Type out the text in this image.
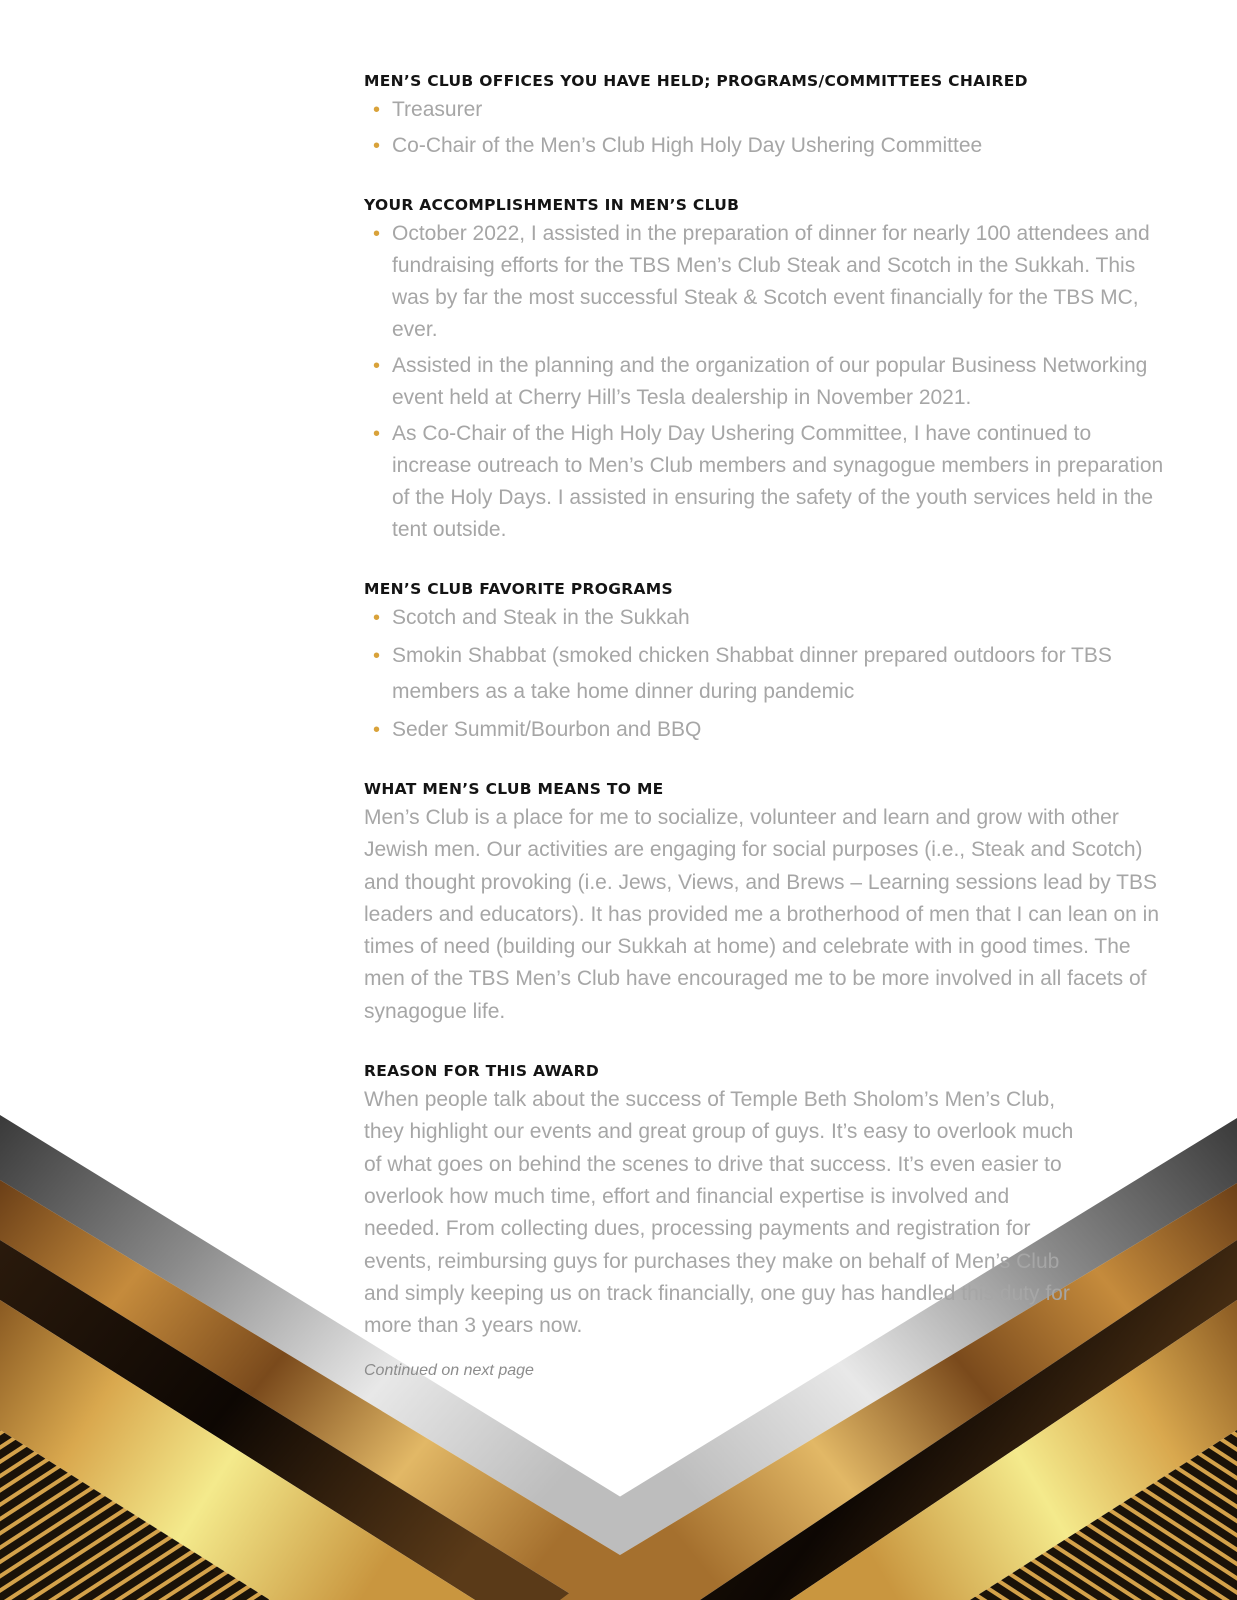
MEN’S CLUB OFFICES YOU HAVE HELD; PROGRAMS/COMMITTEES CHAIRED
• Treasurer
• Co-Chair of the Men’s Club High Holy Day Ushering Committee
YOUR ACCOMPLISHMENTS IN MEN’S CLUB
• October 2022, I assisted in the preparation of dinner for nearly 100 attendees and fundraising efforts for the TBS Men’s Club Steak and Scotch in the Sukkah. This was by far the most successful Steak & Scotch event financially for the TBS MC, ever.
• Assisted in the planning and the organization of our popular Business Networking event held at Cherry Hill’s Tesla dealership in November 2021.
• As Co-Chair of the High Holy Day Ushering Committee, I have continued to increase outreach to Men’s Club members and synagogue members in preparation of the Holy Days. I assisted in ensuring the safety of the youth services held in the tent outside.
MEN’S CLUB FAVORITE PROGRAMS
• Scotch and Steak in the Sukkah
• Smokin Shabbat (smoked chicken Shabbat dinner prepared outdoors for TBS members as a take home dinner during pandemic
• Seder Summit/Bourbon and BBQ
WHAT MEN’S CLUB MEANS TO ME

Men’s Club is a place for me to socialize, volunteer and learn and grow with other Jewish men. Our activities are engaging for social purposes (i.e., Steak and Scotch) and thought provoking (i.e. Jews, Views, and Brews – Learning sessions lead by TBS leaders and educators). It has provided me a brotherhood of men that I can lean on in times of need (building our Sukkah at home) and celebrate with in good times. The men of the TBS Men’s Club have encouraged me to be more involved in all facets of synagogue life.

REASON FOR THIS AWARD

When people talk about the success of Temple Beth Sholom’s Men’s Club, they highlight our events and great group of guys. It’s easy to overlook much of what goes on behind the scenes to drive that success. It’s even easier to overlook how much time, effort and financial expertise is involved and needed. From collecting dues, processing payments and registration for events, reimbursing guys for purchases they make on behalf of Men’s Club and simply keeping us on track financially, one guy has handled this duty for more than 3 years now.

Continued on next page
